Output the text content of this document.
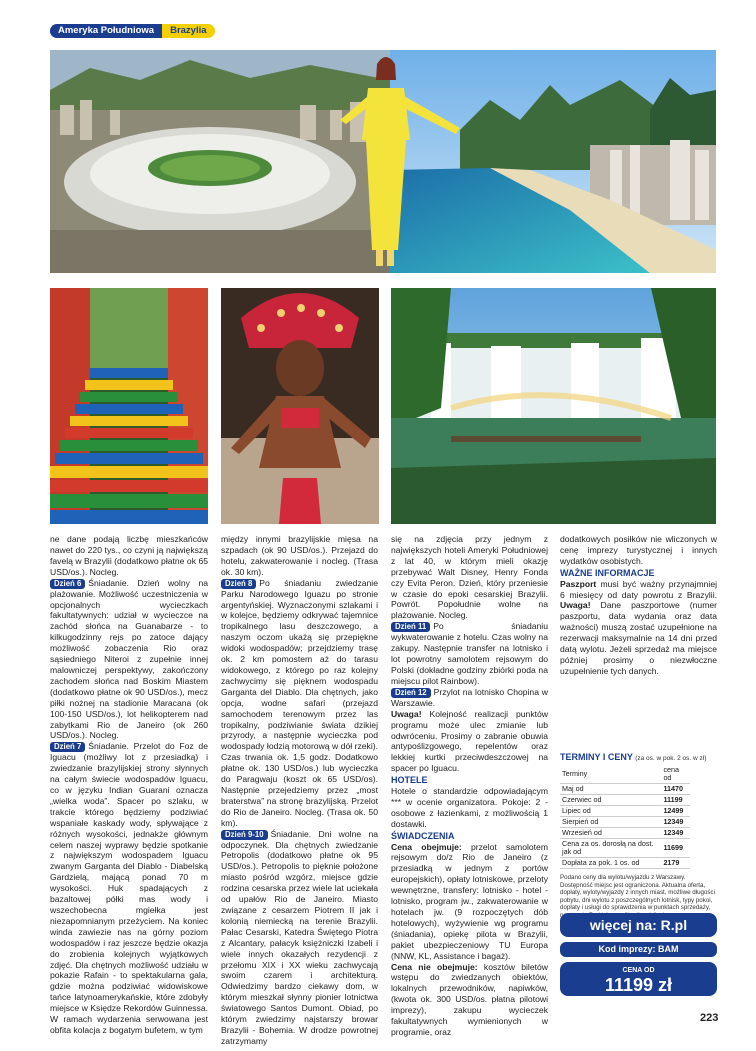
Ameryka Południowa	Brazylia

ne dane podają liczbę mieszkańców nawet do 220 tys., co czyni ją największą favelą w Brazylii (dodatkowo płatne ok 65 USD/os.). Nocleg.

Dzień 6 Śniadanie. Dzień wolny na plażowanie. Możliwość uczestniczenia w opcjonalnych wycieczkach fakultatywnych: udział w wycieczce na zachód słońca na Guanabarze - to kilkugodzinny rejs po zatoce dający możliwość zobaczenia Rio oraz sąsiedniego Niteroi z zupełnie innej malowniczej perspektywy, zakończony zachodem słońca nad Boskim Miastem (dodatkowo płatne ok 90 USD/os.), mecz piłki nożnej na stadionie Maracana (ok 100-150 USD/os.), lot helikopterem nad zabytkami Rio de Janeiro (ok 260 USD/os.). Nocleg.

Dzień 7 Śniadanie. Przelot do Foz de Iguacu (możliwy lot z przesiadką) i zwiedzanie brazylijskiej strony słynnych na całym świecie wodospadów Iguacu, co w języku Indian Guarani oznacza „wielka woda”. Spacer po szlaku, w trakcie którego będziemy podziwiać wspaniałe kaskady wody, spływające z różnych wysokości, jednakże głównym celem naszej wyprawy będzie spotkanie z największym wodospadem Iguacu zwanym Garganta del Diablo - Diabelską Gardzielą, mającą ponad 70 m wysokości. Huk spadających z bazaltowej półki mas wody i wszechobecna mgiełka jest niezapomnianym przeżyciem. Na koniec winda zawiezie nas na górny poziom wodospadów i raz jeszcze będzie okazja do zrobienia kolejnych wyjątkowych zdjęć. Dla chętnych możliwość udziału w pokazie Rafain - to spektakularna gala, gdzie można podziwiać widowiskowe tańce latynoamerykańskie, które zdobyły miejsce w Księdze Rekordów Guinnessa. W ramach wydarzenia serwowana jest obfita kolacja z bogatym bufetem, w tym

między innymi brazylijskie mięsa na szpadach (ok 90 USD/os.). Przejazd do hotelu, zakwaterowanie i nocleg. (Trasa ok. 30 km).

Dzień 8 Po śniadaniu zwiedzanie Parku Narodowego Iguazu po stronie argentyńskiej. Wyznaczonymi szlakami i w kolejce, będziemy odkrywać tajemnice tropikalnego lasu deszczowego, a naszym oczom ukażą się przepiękne widoki wodospadów; przejdziemy trasę ok. 2 km pomostem aż do tarasu widokowego, z którego po raz kolejny zachwycimy się pięknem wodospadu Garganta del Diablo. Dla chętnych, jako opcja, wodne safari (przejazd samochodem terenowym przez las tropikalny, podziwianie świata dzikiej przyrody, a następnie wycieczka pod wodospady łodzią motorową w dół rzeki). Czas trwania ok. 1,5 godz. Dodatkowo płatne ok. 130 USD/os.) lub wycieczka do Paragwaju (koszt ok 65 USD/os). Następnie przejedziemy przez „most braterstwa” na stronę brazylijską. Przelot do Rio de Janeiro. Nocleg. (Trasa ok. 50 km).

Dzień 9-10 Śniadanie. Dni wolne na odpoczynek. Dla chętnych zwiedzanie Petropolis (dodatkowo płatne ok 95 USD/os.). Petropolis to pięknie położone miasto pośród wzgórz, miejsce gdzie rodzina cesarska przez wiele lat uciekała od upałów Rio de Janeiro. Miasto związane z cesarzem Piotrem II jak i kolonią niemiecką na terenie Brazylii. Pałac Cesarski, Katedra Świętego Piotra z Alcantary, pałacyk księżniczki Izabeli i wiele innych okazałych rezydencji z przełomu XIX i XX wieku zachwycają swoim czarem i architekturą. Odwiedzimy bardzo ciekawy dom, w którym mieszkał słynny pionier lotnictwa światowego Santos Dumont. Obiad, po którym zwiedzimy najstarszy browar Brazylii - Bohemia. W drodze powrotnej zatrzymamy

się na zdjęcia przy jednym z największych hoteli Ameryki Południowej z lat 40, w którym mieli okazję przebywać Walt Disney, Henry Fonda czy Evita Peron. Dzień, który przeniesie w czasie do epoki cesarskiej Brazylii. Powrót. Popołudnie wolne na plażowanie. Nocleg.

Dzień 11 Po śniadaniu wykwaterowanie z hotelu. Czas wolny na zakupy. Następnie transfer na lotnisko i lot powrotny samolotem rejsowym do Polski (dokładne godziny zbiórki poda na miejscu pilot Rainbow).

Dzień 12 Przylot na lotnisko Chopina w Warszawie.

Uwaga! Kolejność realizacji punktów programu może ulec zmianie lub odwróceniu. Prosimy o zabranie obuwia antypoślizgowego, repelentów oraz lekkiej kurtki przeciwdeszczowej na spacer po Iguacu.

HOTELE

Hotele o standardzie odpowiadającym *** w ocenie organizatora. Pokoje: 2 - osobowe z łazienkami, z możliwością 1 dostawki.

ŚWIADCZENIA

Cena obejmuje: przelot samolotem rejsowym do/z Rio de Janeiro (z przesiadką w jednym z portów europejskich), opłaty lotniskowe, przeloty wewnętrzne, transfery: lotnisko - hotel - lotnisko, program jw., zakwaterowanie w hotelach jw. (9 rozpoczętych dób hotelowych), wyżywienie wg programu (śniadania), opiekę pilota w Brazylii, pakiet ubezpieczeniowy TU Europa (NNW, KL, Assistance i bagaż).

Cena nie obejmuje: kosztów biletów wstępu do zwiedzanych obiektów, lokalnych przewodników, napiwków, (kwota ok. 300 USD/os. płatna pilotowi imprezy), zakupu wycieczek fakultatywnych wymienionych w programie, oraz

dodatkowych posiłków nie wliczonych w cenę imprezy turystycznej i innych wydatków osobistych.

WAŻNE INFORMACJE

Paszport musi być ważny przynajmniej 6 miesięcy od daty powrotu z Brazylii. Uwaga! Dane paszportowe (numer paszportu, data wydania oraz data ważności) muszą zostać uzupełnione na rezerwacji maksymalnie na 14 dni przed datą wylotu. Jeżeli sprzedaż ma miejsce później prosimy o niezwłoczne uzupełnienie tych danych.

TERMINY I CENY (za os. w pok. 2 os. w zł)
Terminy	cena od
Maj od	11470
Czerwiec od	11199
Lipiec od	12499
Sierpień od	12349
Wrzesień od	12349
Cena za os. dorosłą na dost. jak od	11699
Dopłata za pok. 1 os. od	2179
Podano ceny dla wylotu/wyjazdu z Warszawy. Dostępność miejsc jest ograniczona. Aktualna oferta, dopłaty, wyloty/wyjazdy z innych miast, możliwe długości pobytu, dni wylotu z poszczególnych lotnisk, typy pokoi, dopłaty i usługi do sprawdzenia w punktach sprzedaży,
więcej na: R.pl
Kod imprezy: BAM
CENA OD
11199 zł
223
